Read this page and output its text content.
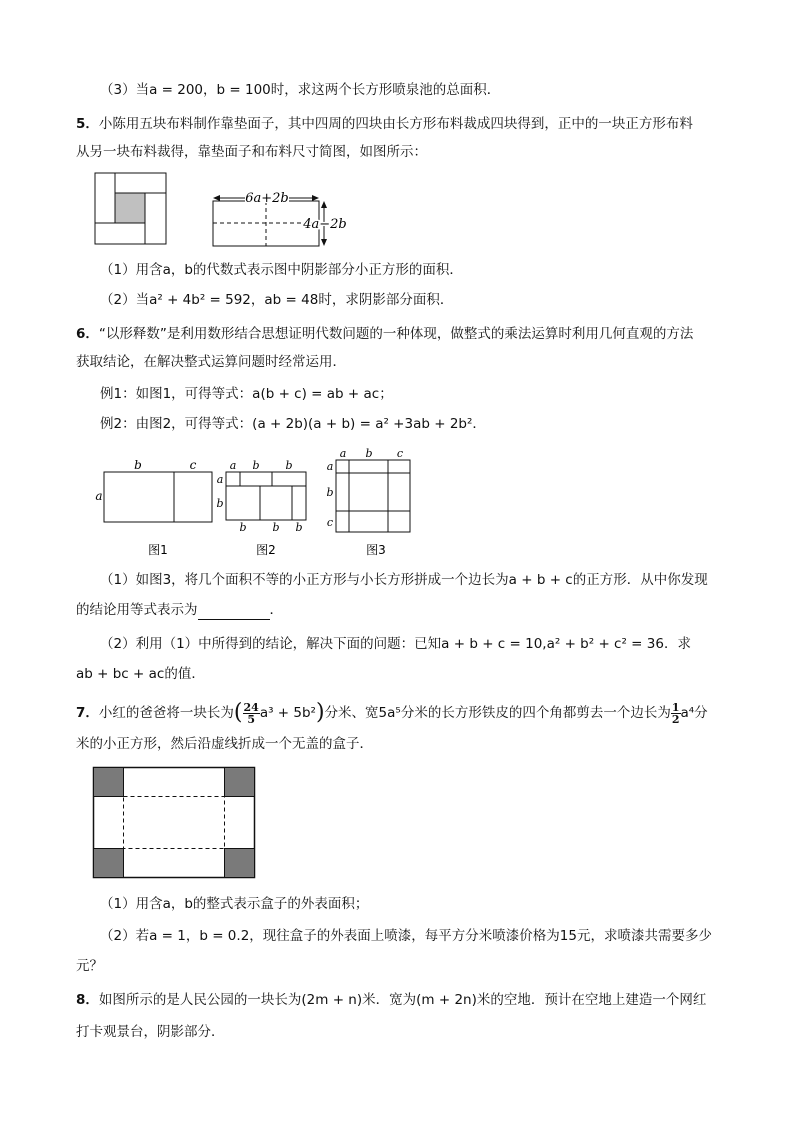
（3）当a = 200，b = 100时，求这两个长方形喷泉池的总面积．
5．小陈用五块布料制作靠垫面子，其中四周的四块由长方形布料裁成四块得到，正中的一块正方形布料
从另一块布料裁得，靠垫面子和布料尺寸简图，如图所示：
6a+2b
4a−2b
（1）用含a，b的代数式表示图中阴影部分小正方形的面积．
（2）当a² + 4b² = 592，ab = 48时，求阴影部分面积．
6．“以形释数”是利用数形结合思想证明代数问题的一种体现，做整式的乘法运算时利用几何直观的方法
获取结论，在解决整式运算问题时经常运用．
例1：如图1，可得等式：a(b + c) = ab + ac；
例2：由图2，可得等式：(a + 2b)(a + b) = a² +3ab + 2b²．
b	c
a
图1
a b b
a
b
b b b
图2
a b c
a
b
c
图3
（1）如图3，将几个面积不等的小正方形与小长方形拼成一个边长为a + b + c的正方形．从中你发现
的结论用等式表示为	．
（2）利用（1）中所得到的结论，解决下面的问题：已知a + b + c = 10,a² + b² + c² = 36．求
ab + bc + ac的值．
7．小红的爸爸将一块长为( $\frac{24}{5} a^3 + 5b^2$)分米、宽5a⁵分米的长方形铁皮的四个角都剪去一个边长为 $\frac{1}{2} a^4$分
米的小正方形，然后沿虚线折成一个无盖的盒子．
（1）用含a，b的整式表示盒子的外表面积；
（2）若a = 1，b = 0.2，现往盒子的外表面上喷漆，每平方分米喷漆价格为15元，求喷漆共需要多少
元？
8．如图所示的是人民公园的一块长为(2m + n)米．宽为(m + 2n)米的空地．预计在空地上建造一个网红
打卡观景台，阴影部分．
